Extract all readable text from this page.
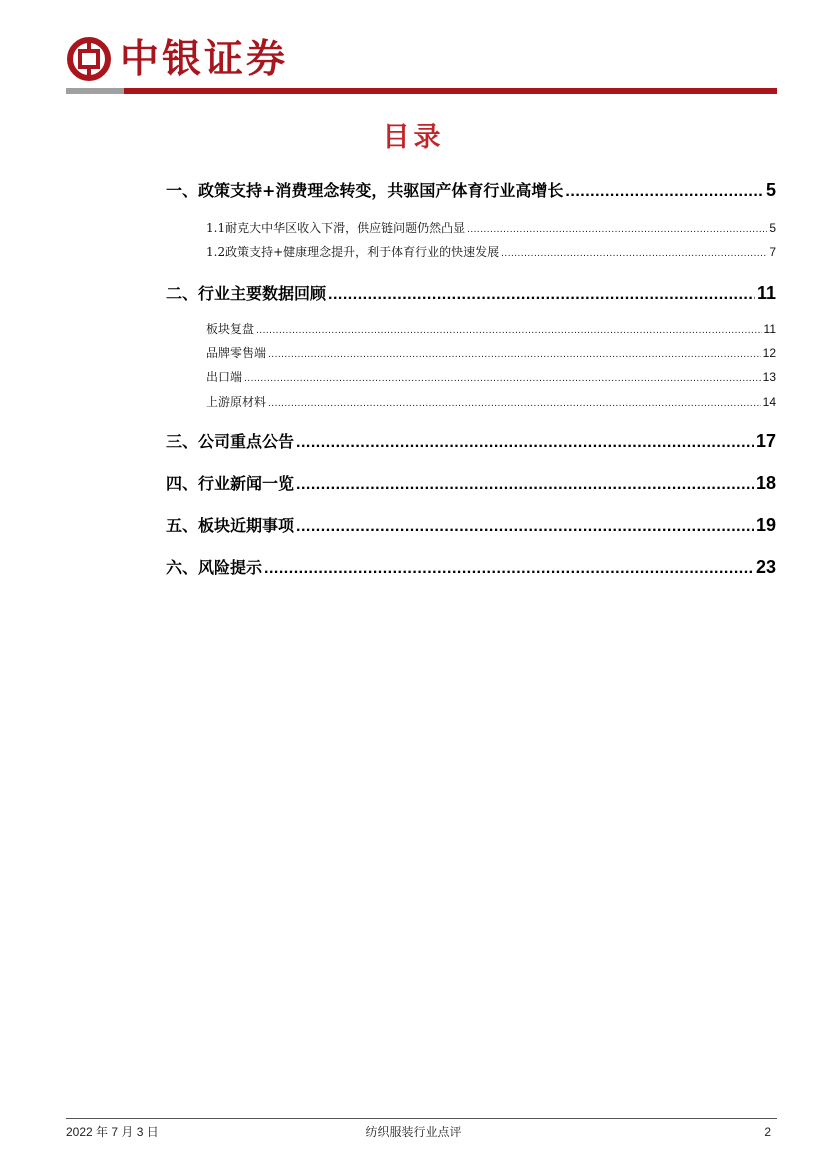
中银证券
目录
一、政策支持+消费理念转变，共驱国产体育行业高增长 .....	5
1.1耐克大中华区收入下滑，供应链问题仍然凸显 .....	5
1.2政策支持+健康理念提升，利于体育行业的快速发展 .....	7
二、行业主要数据回顾 .....	11
板块复盘 .....	11
品牌零售端 .....	12
出口端 .....	13
上游原材料 .....	14
三、公司重点公告 .....	17
四、行业新闻一览 .....	18
五、板块近期事项 .....	19
六、风险提示 .....	23
2022 年 7 月 3 日	纺织服装行业点评	2
